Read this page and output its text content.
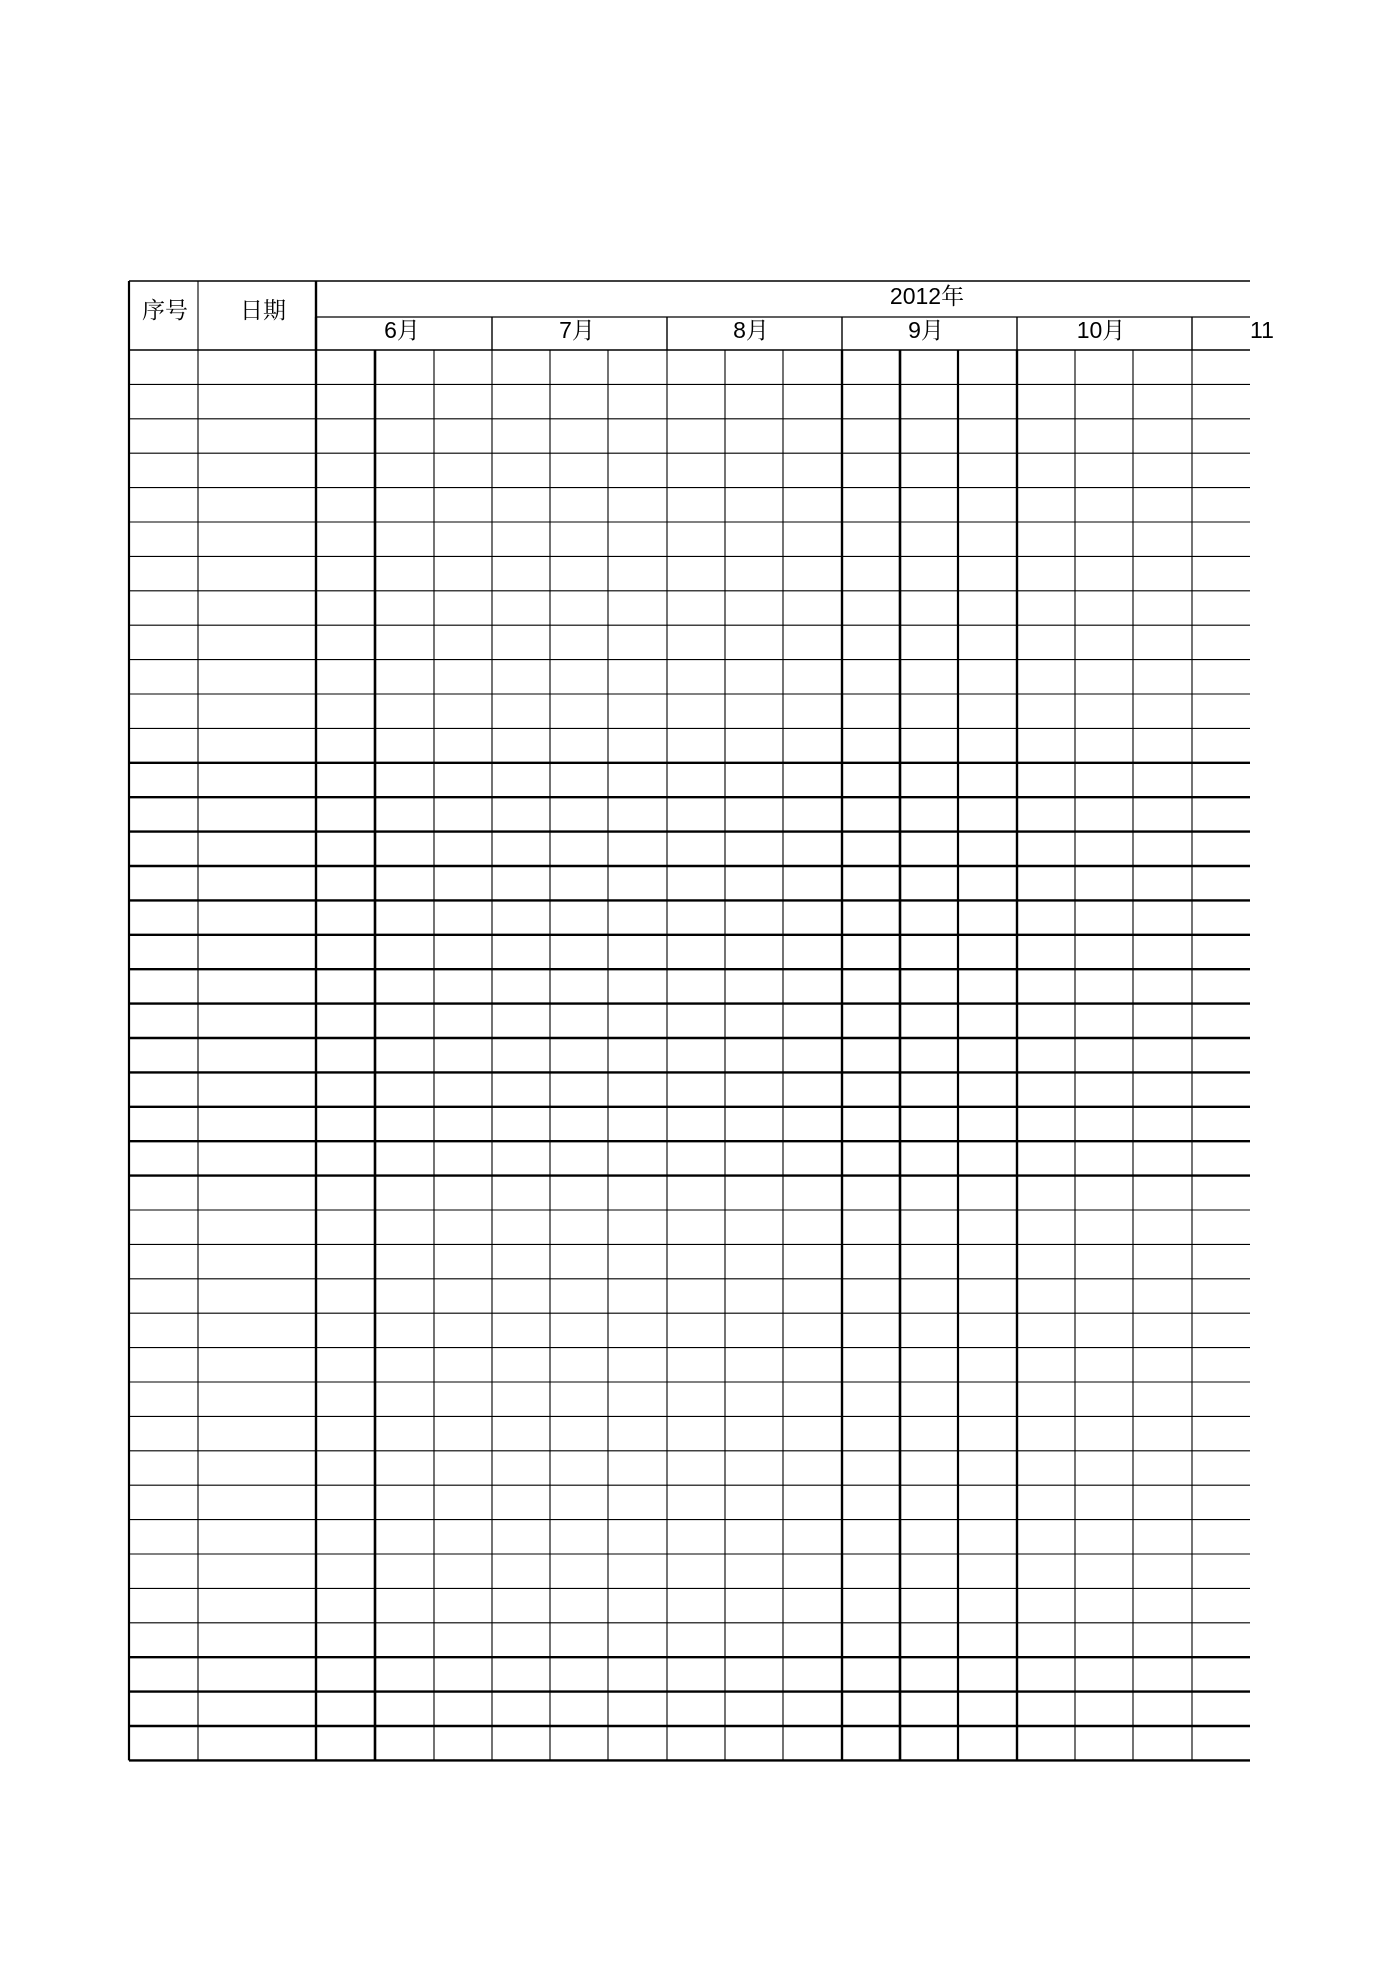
序号 日期
2012年
6月	7月	8月	9月	10月	11
